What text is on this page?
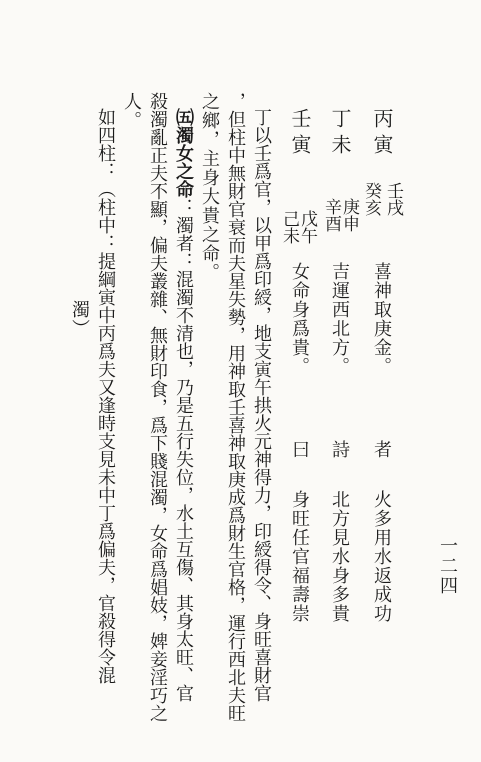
一二四
丙寅
丁未
壬寅
癸亥 壬戌
辛酉
庚申
己未
戊午
喜神取庚金。
吉運西北方。
女命身爲貴。
者
詩
曰
火多用水返成功
北方見水身多貴
身旺任官福壽崇
丁以壬爲官，以甲爲印綬，地支寅午拱火元神得力，印綬得令、身旺喜財官
，但柱中無財官衰而夫星失勢，用神取壬喜神取庚成爲財生官格，運行西北夫旺
之鄉，主身大貴之命。
㈤濁女之命：濁者：混濁不清也，乃是五行失位，水土互傷、其身太旺、官
殺濁亂正夫不顯，偏夫叢雜、無財印食，爲下賤混濁，女命爲娼妓，婢妾淫巧之
人。
如四柱：（柱中：提綱寅中丙爲夫又逢時支見未中丁爲偏夫，官殺得令混
濁）
